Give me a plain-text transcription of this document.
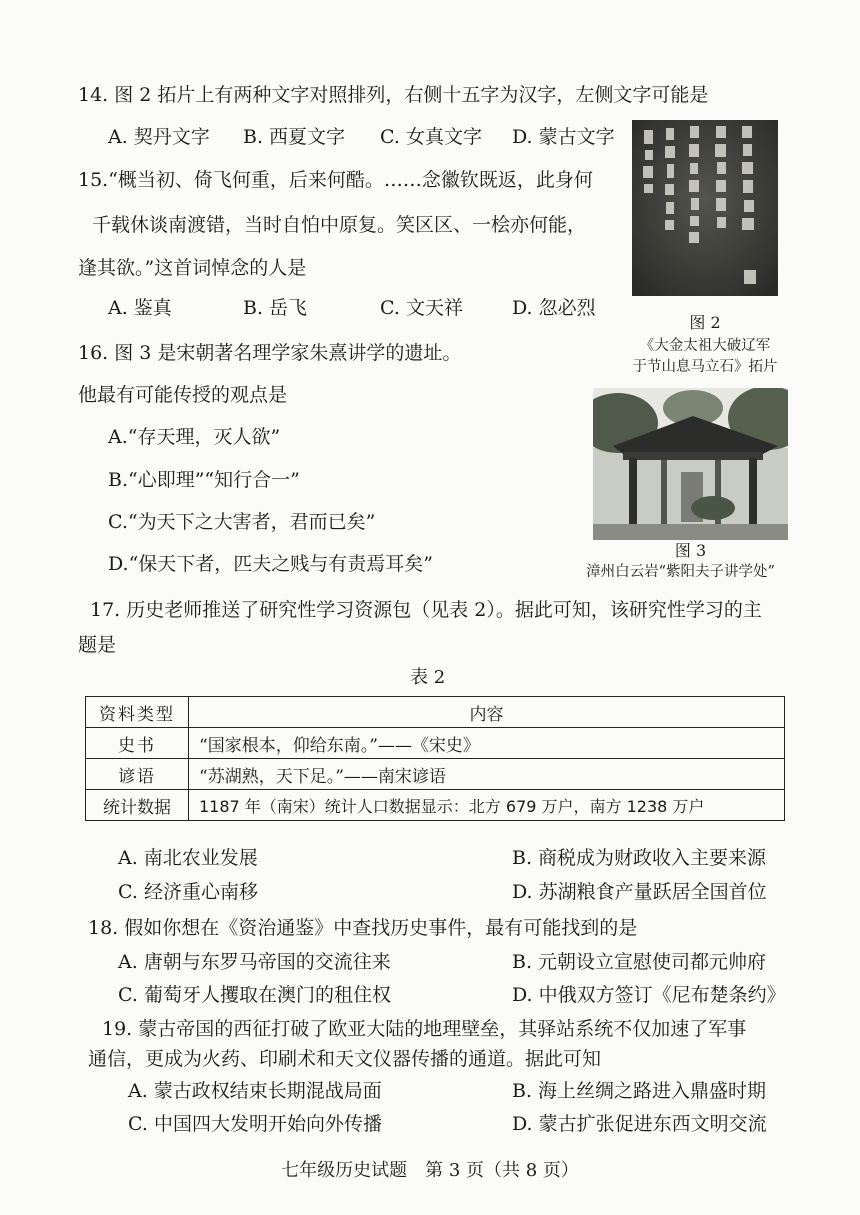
14. 图 2 拓片上有两种文字对照排列，右侧十五字为汉字，左侧文字可能是
A. 契丹文字 B. 西夏文字 C. 女真文字 D. 蒙古文字
15.“概当初、倚飞何重，后来何酷。……念徽钦既返，此身何
千载休谈南渡错，当时自怕中原复。笑区区、一桧亦何能，
逢其欲。”这首词悼念的人是
A. 鉴真	B. 岳飞	C. 文天祥	D. 忽必烈
图 2
《大金太祖大破辽军
于节山息马立石》拓片
16. 图 3 是宋朝著名理学家朱熹讲学的遗址。
他最有可能传授的观点是
A.“存天理，灭人欲”
B.“心即理”“知行合一”
C.“为天下之大害者，君而已矣”
D.“保天下者，匹夫之贱与有责焉耳矣”
图 3
漳州白云岩“紫阳夫子讲学处”
17. 历史老师推送了研究性学习资源包（见表 2）。据此可知，该研究性学习的主
题是
表 2
资料类型	内容
史书	“国家根本，仰给东南。”——《宋史》
谚语	“苏湖熟，天下足。”——南宋谚语
统计数据	1187 年（南宋）统计人口数据显示：北方 679 万户，南方 1238 万户
A. 南北农业发展	B. 商税成为财政收入主要来源
C. 经济重心南移	D. 苏湖粮食产量跃居全国首位
18. 假如你想在《资治通鉴》中查找历史事件，最有可能找到的是
A. 唐朝与东罗马帝国的交流往来	B. 元朝设立宣慰使司都元帅府
C. 葡萄牙人攫取在澳门的租住权	D. 中俄双方签订《尼布楚条约》
19. 蒙古帝国的西征打破了欧亚大陆的地理壁垒，其驿站系统不仅加速了军事
通信，更成为火药、印刷术和天文仪器传播的通道。据此可知
A. 蒙古政权结束长期混战局面	B. 海上丝绸之路进入鼎盛时期
C. 中国四大发明开始向外传播	D. 蒙古扩张促进东西文明交流
七年级历史试题　第 3 页（共 8 页）
